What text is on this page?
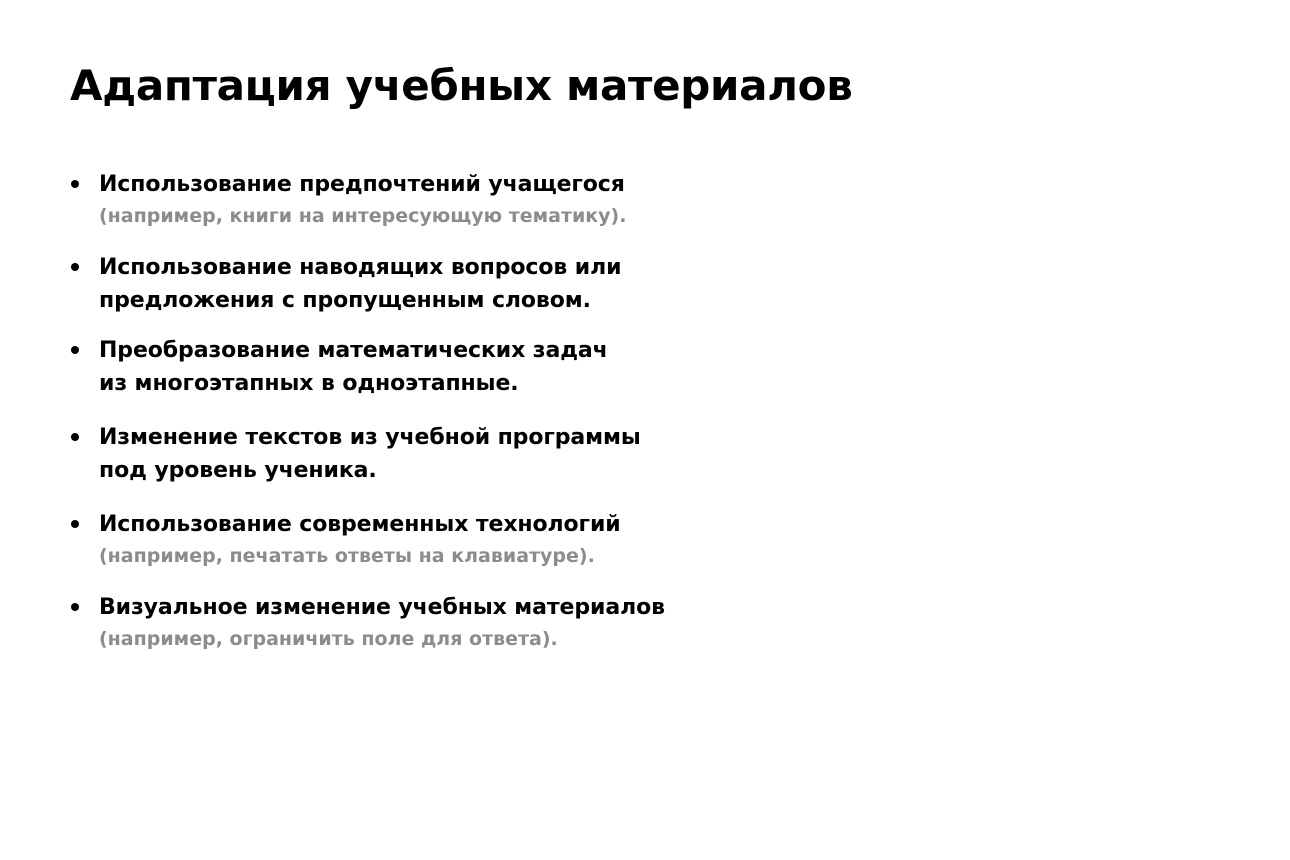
Адаптация учебных материалов
Использование предпочтений учащегося
(например, книги на интересующую тематику).
Использование наводящих вопросов или
предложения с пропущенным словом.
Преобразование математических задач
из многоэтапных в одноэтапные.
Изменение текстов из учебной программы
под уровень ученика.
Использование современных технологий
(например, печатать ответы на клавиатуре).
Визуальное изменение учебных материалов
(например, ограничить поле для ответа).
